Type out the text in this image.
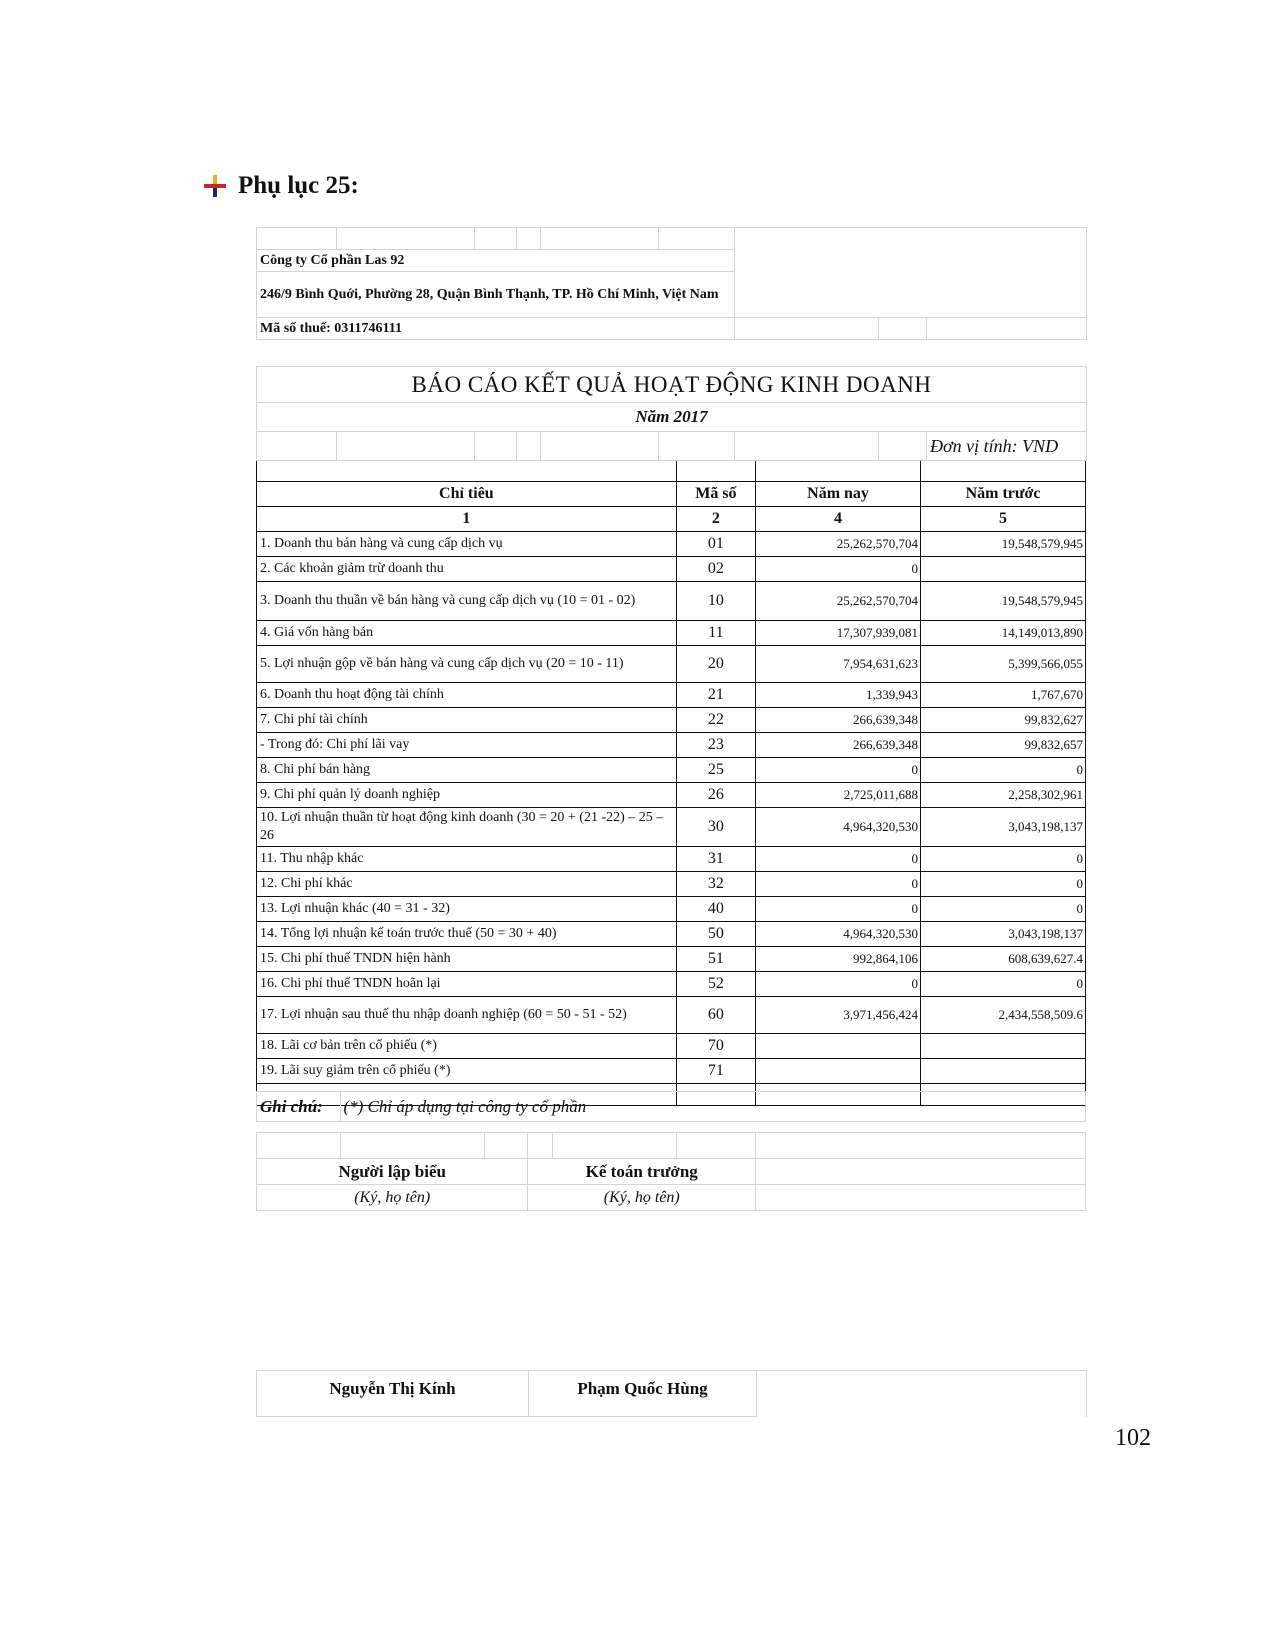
Phụ lục 25:

Công ty Cổ phần Las 92								
246/9 Bình Quới, Phường 28, Quận Bình Thạnh, TP. Hồ Chí Minh, Việt Nam								

Mã số thuế: 0311746111								
BÁO CÁO KẾT QUẢ HOẠT ĐỘNG KINH DOANH
Năm 2017
								Đơn vị tính: VND

Chỉ tiêu	Mã số	Năm nay	Năm trước
1	2	4	5
1. Doanh thu bán hàng và cung cấp dịch vụ	01	25,262,570,704	19,548,579,945
2. Các khoản giảm trừ doanh thu	02	0	
3. Doanh thu thuần về bán hàng và cung cấp dịch vụ (10 = 01 - 02)	10	25,262,570,704	19,548,579,945
4. Giá vốn hàng bán	11	17,307,939,081	14,149,013,890
5. Lợi nhuận gộp về bán hàng và cung cấp dịch vụ (20 = 10 - 11)	20	7,954,631,623	5,399,566,055
6. Doanh thu hoạt động tài chính	21	1,339,943	1,767,670
7. Chi phí tài chính	22	266,639,348	99,832,627
- Trong đó: Chi phí lãi vay	23	266,639,348	99,832,657
8. Chi phí bán hàng	25	0	0
9. Chi phí quản lý doanh nghiệp	26	2,725,011,688	2,258,302,961
10. Lợi nhuận thuần từ hoạt động kinh doanh (30 = 20 + (21 -22) – 25 – 26	30	4,964,320,530	3,043,198,137
11. Thu nhập khác	31	0	0
12. Chi phí khác	32	0	0
13. Lợi nhuận khác (40 = 31 - 32)	40	0	0
14. Tổng lợi nhuận kế toán trước thuế (50 = 30 + 40)	50	4,964,320,530	3,043,198,137
15. Chi phí thuế TNDN hiện hành	51	992,864,106	608,639,627.4
16. Chi phí thuế TNDN hoãn lại	52	0	0
17. Lợi nhuận sau thuế thu nhập doanh nghiệp (60 = 50 - 51 - 52)	60	3,971,456,424	2,434,558,509.6
18. Lãi cơ bản trên cổ phiếu (*)	70		
19. Lãi suy giảm trên cổ phiếu (*)	71		

Ghi chú:	(*) Chỉ áp dụng tại công ty cổ phần

Người lập biểu			Kế toán trưởng			
(Ký, họ tên)			(Ký, họ tên)			
Nguyễn Thị Kính	Phạm Quốc Hùng	
102
